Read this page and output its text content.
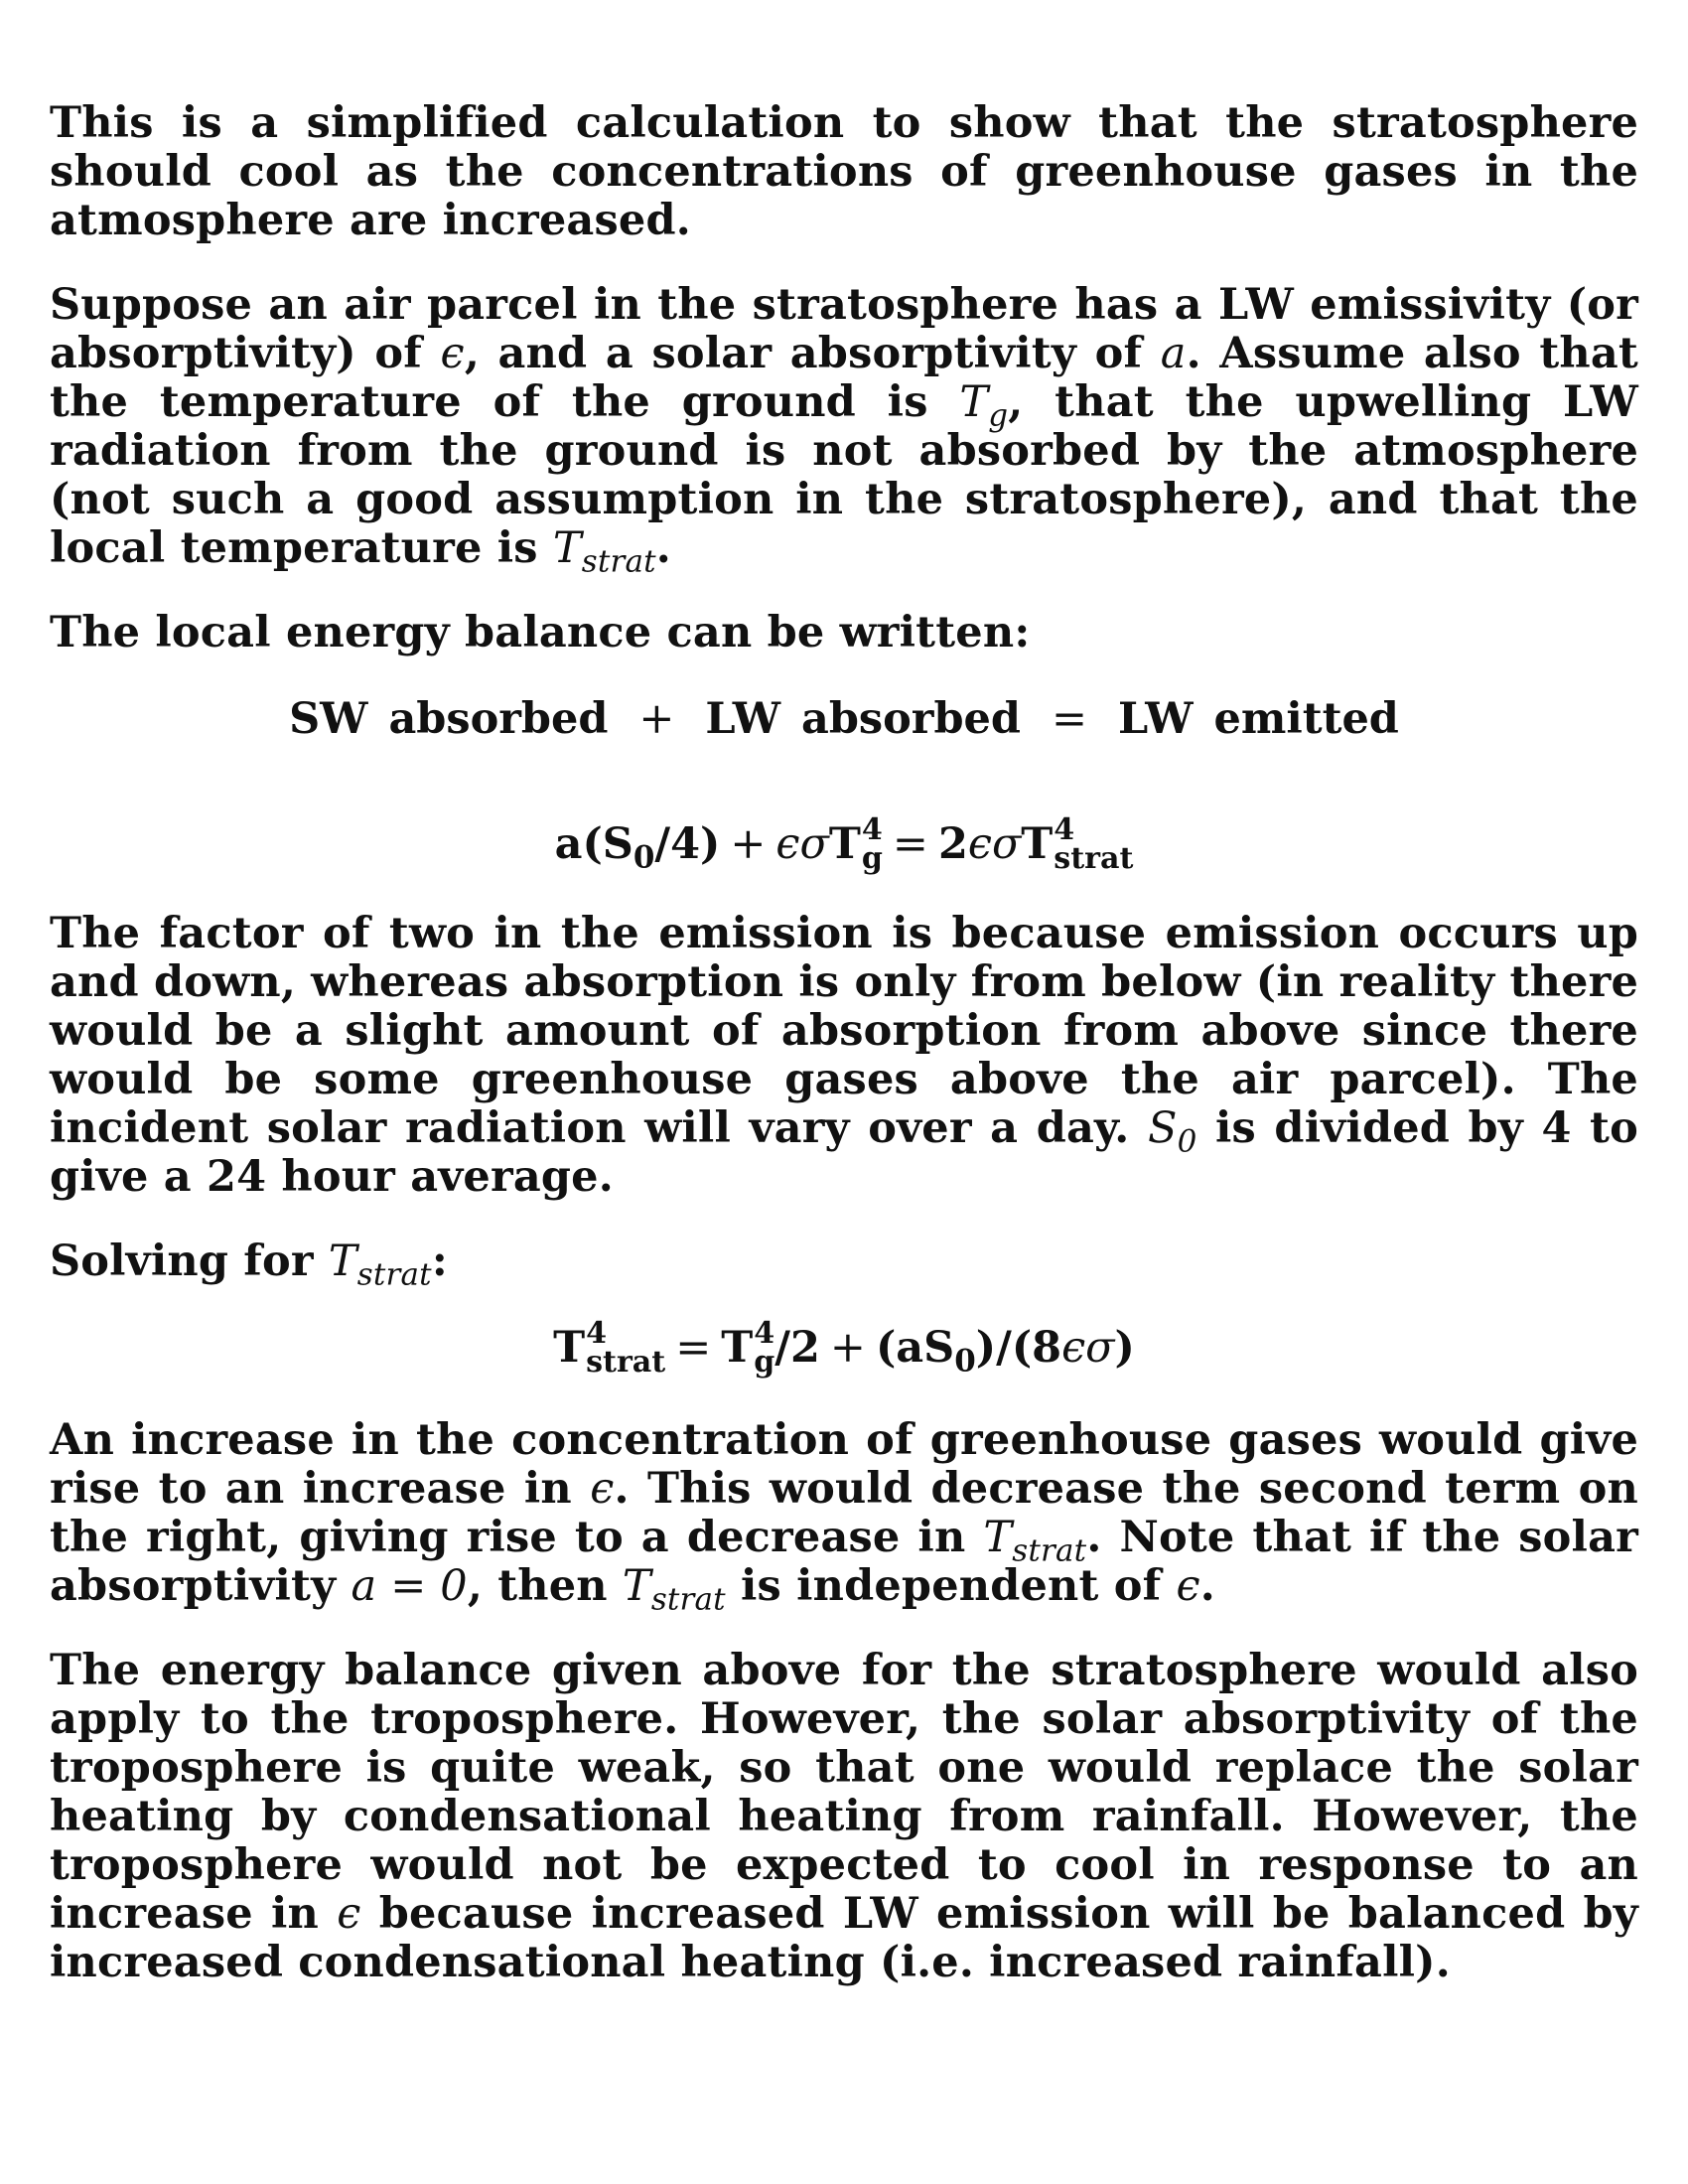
This is a simplified calculation to show that the stratosphere should cool as the concentrations of greenhouse gases in the atmosphere are increased.

Suppose an air parcel in the stratosphere has a LW emissivity (or absorptivity) of ϵ, and a solar absorptivity of a. Assume also that the temperature of the ground is $T_g$, that the upwelling LW radiation from the ground is not absorbed by the atmosphere (not such a good assumption in the stratosphere), and that the local temperature is $T_{strat}$.

The local energy balance can be written:

SW absorbed + LW absorbed = LW emitted
$a(S_0/4) + \epsilon\sigma T$ 4
g = 2ϵσT 4
strat

The factor of two in the emission is because emission occurs up and down, whereas absorption is only from below (in reality there would be a slight amount of absorption from above since there would be some greenhouse gases above the air parcel). The incident solar radiation will vary over a day. $S_0$ is divided by 4 to give a 24 hour average.

Solving for $T_{strat}$:

T 4
strat = T 4
g $/2 + (aS_0)/(8\epsilon\sigma)$

An increase in the concentration of greenhouse gases would give rise to an increase in ϵ. This would decrease the second term on the right, giving rise to a decrease in $T_{strat}$. Note that if the solar absorptivity a = 0, then $T_{strat}$ is independent of ϵ.

The energy balance given above for the stratosphere would also apply to the troposphere. However, the solar absorptivity of the troposphere is quite weak, so that one would replace the solar heating by condensational heating from rainfall. However, the troposphere would not be expected to cool in response to an increase in ϵ because increased LW emission will be balanced by increased condensational heating (i.e. increased rainfall).
